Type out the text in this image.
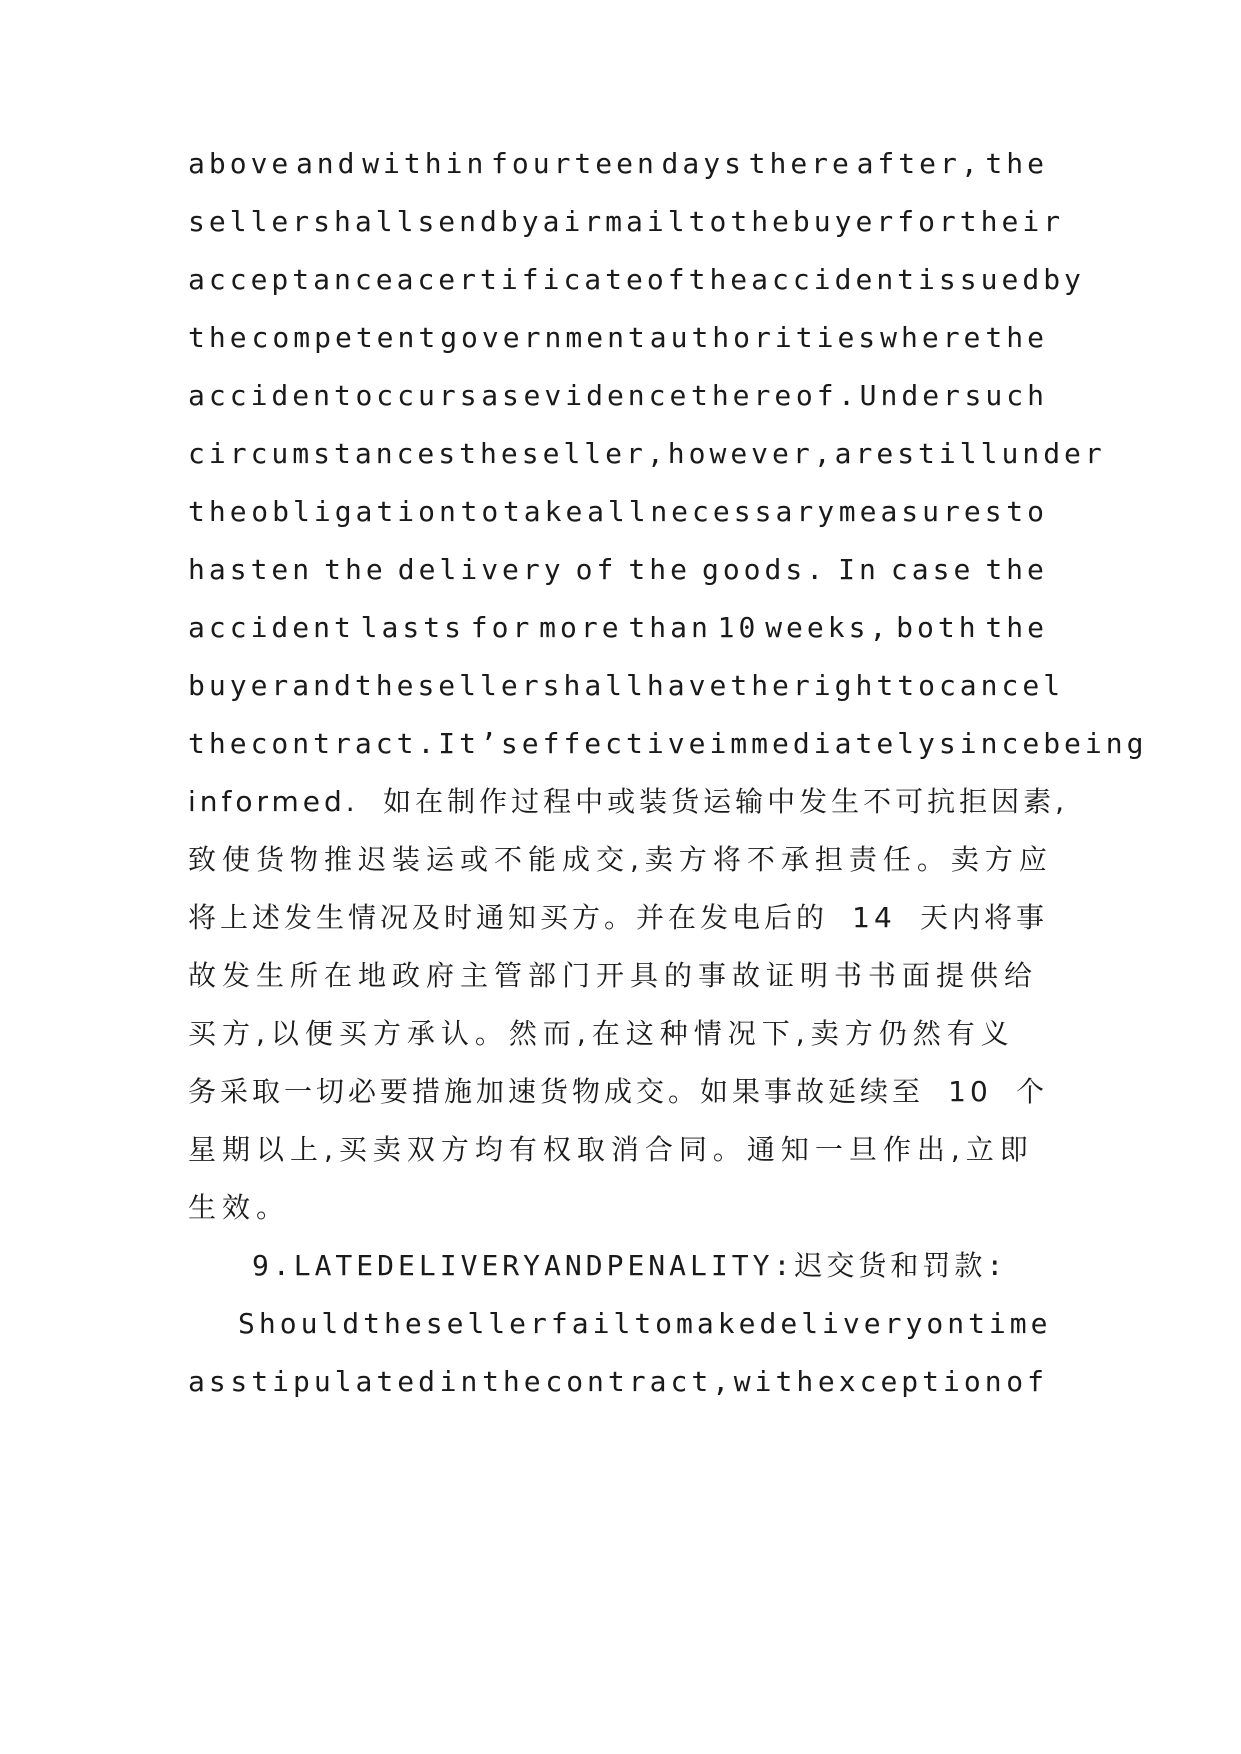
above and within fourteen days there after, the
seller shall send by airmail to the buyer for their
acceptance a certificate of the accident issued by
the competent government authorities where the
accident occurs as evidence there of . Under such
circumstances the seller, however, are still under
the obligation to take all necessary measures to
hasten the delivery of the goods. In case the
accident lasts for more than 10 weeks, both the
buyer and the seller shall have the right to cancel
the contract. It’ s effective immediately since being
informed. 如在制作过程中或装货运输中发生不可抗拒因素,
致使货物推迟装运或不能成交,卖方将不承担责任。卖方应
将上述发生情况及时通知买方。并在发电后的 14 天内将事
故发生所在地政府主管部门开具的事故证明书书面提供给
买方,以便买方承认。然而,在这种情况下,卖方仍然有义
务采取一切必要措施加速货物成交。如果事故延续至 10 个
星期以上,买卖双方均有权取消合同。通知一旦作出,立即
生效。
9. LATE DELIVERY AND PENALITY: 迟交货和罚款:
Should the seller fail to make delivery on time
as stipulated in the contract, with exception of
